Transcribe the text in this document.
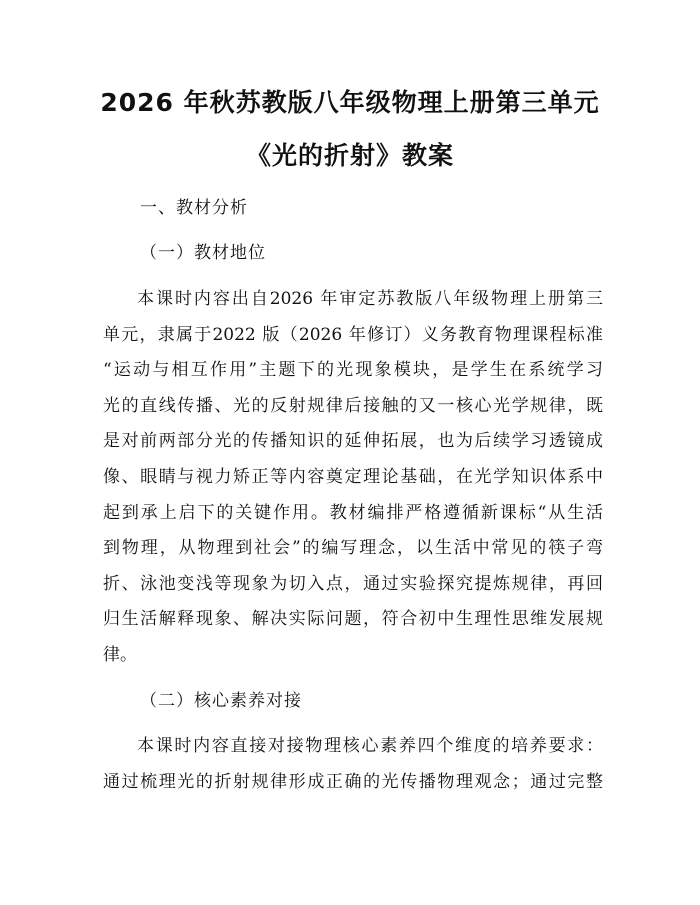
2026 年秋苏教版八年级物理上册第三单元
《光的折射》教案
一、教材分析
（一）教材地位
本课时内容出自2026 年审定苏教版八年级物理上册第三
单元，隶属于2022 版（2026 年修订）义务教育物理课程标准
“运动与相互作用”主题下的光现象模块，是学生在系统学习
光的直线传播、光的反射规律后接触的又一核心光学规律，既
是对前两部分光的传播知识的延伸拓展，也为后续学习透镜成
像、眼睛与视力矫正等内容奠定理论基础，在光学知识体系中
起到承上启下的关键作用。教材编排严格遵循新课标“从生活
到物理，从物理到社会”的编写理念，以生活中常见的筷子弯
折、泳池变浅等现象为切入点，通过实验探究提炼规律，再回
归生活解释现象、解决实际问题，符合初中生理性思维发展规
律。
（二）核心素养对接
本课时内容直接对接物理核心素养四个维度的培养要求：
通过梳理光的折射规律形成正确的光传播物理观念；通过完整
